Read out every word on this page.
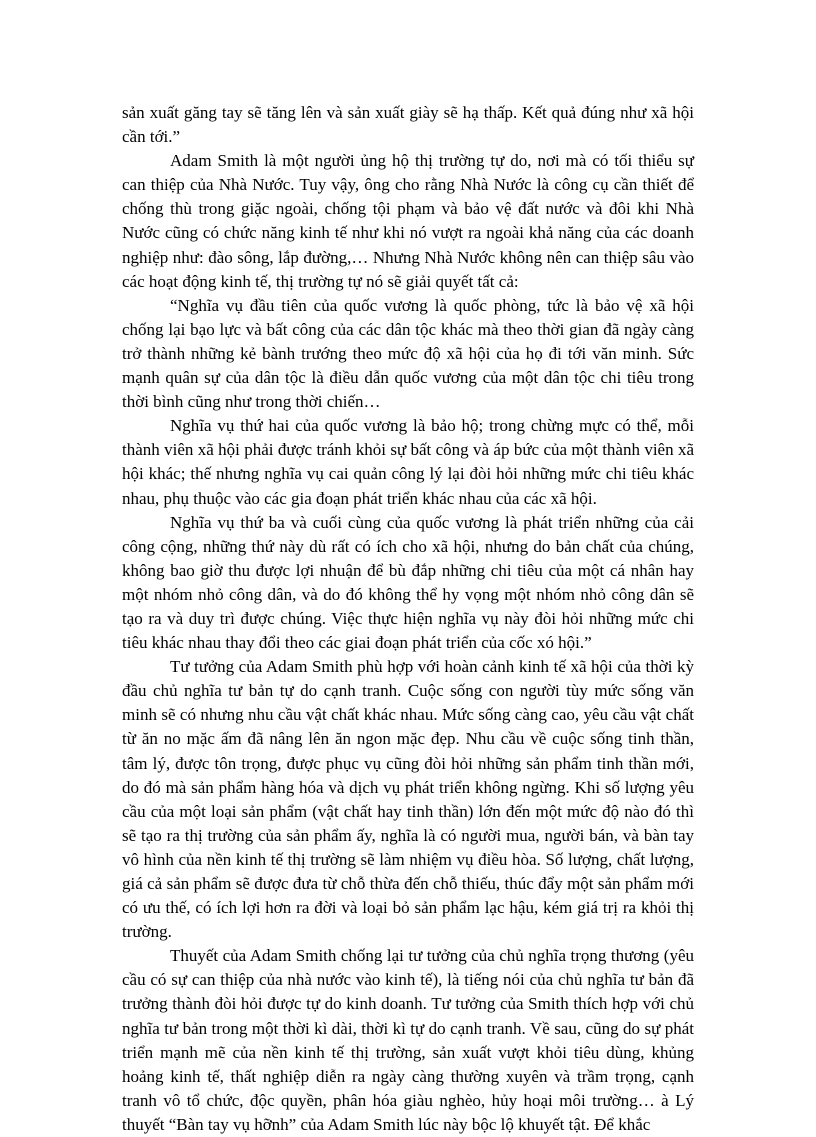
sản xuất găng tay sẽ tăng lên và sản xuất giày sẽ hạ thấp. Kết quả đúng như xã hội cần tới.”

Adam Smith là một người ủng hộ thị trường tự do, nơi mà có tối thiểu sự can thiệp của Nhà Nước. Tuy vậy, ông cho rằng Nhà Nước là công cụ cần thiết để chống thù trong giặc ngoài, chống tội phạm và bảo vệ đất nước và đôi khi Nhà Nước cũng có chức năng kinh tế như khi nó vượt ra ngoài khả năng của các doanh nghiệp như: đào sông, lắp đường,… Nhưng Nhà Nước không nên can thiệp sâu vào các hoạt động kinh tế, thị trường tự nó sẽ giải quyết tất cả:

“Nghĩa vụ đầu tiên của quốc vương là quốc phòng, tức là bảo vệ xã hội chống lại bạo lực và bất công của các dân tộc khác mà theo thời gian đã ngày càng trở thành những kẻ bành trướng theo mức độ xã hội của họ đi tới văn minh. Sức mạnh quân sự của dân tộc là điều dẫn quốc vương của một dân tộc chi tiêu trong thời bình cũng như trong thời chiến…

Nghĩa vụ thứ hai của quốc vương là bảo hộ; trong chừng mực có thể, mỗi thành viên xã hội phải được tránh khỏi sự bất công và áp bức của một thành viên xã hội khác; thế nhưng nghĩa vụ cai quản công lý lại đòi hỏi những mức chi tiêu khác nhau, phụ thuộc vào các gia đoạn phát triển khác nhau của các xã hội.

Nghĩa vụ thứ ba và cuối cùng của quốc vương là phát triển những của cải công cộng, những thứ này dù rất có ích cho xã hội, nhưng do bản chất của chúng, không bao giờ thu được lợi nhuận để bù đắp những chi tiêu của một cá nhân hay một nhóm nhỏ công dân, và do đó không thể hy vọng một nhóm nhỏ công dân sẽ tạo ra và duy trì được chúng. Việc thực hiện nghĩa vụ này đòi hỏi những mức chi tiêu khác nhau thay đổi theo các giai đoạn phát triển của cốc xó hội.”

Tư tưởng của Adam Smith phù hợp với hoàn cảnh kinh tế xã hội của thời kỳ đầu chủ nghĩa tư bản tự do cạnh tranh. Cuộc sống con người tùy mức sống văn minh sẽ có nhưng nhu cầu vật chất khác nhau. Mức sống càng cao, yêu cầu vật chất từ ăn no mặc ấm đã nâng lên ăn ngon mặc đẹp. Nhu cầu về cuộc sống tinh thần, tâm lý, được tôn trọng, được phục vụ cũng đòi hỏi những sản phẩm tinh thần mới, do đó mà sản phẩm hàng hóa và dịch vụ phát triển không ngừng. Khi số lượng yêu cầu của một loại sản phẩm (vật chất hay tinh thần) lớn đến một mức độ nào đó thì sẽ tạo ra thị trường của sản phẩm ấy, nghĩa là có người mua, người bán, và bàn tay vô hình của nền kinh tế thị trường sẽ làm nhiệm vụ điều hòa. Số lượng, chất lượng, giá cả sản phẩm sẽ được đưa từ chỗ thừa đến chỗ thiếu, thúc đẩy một sản phẩm mới có ưu thế, có ích lợi hơn ra đời và loại bỏ sản phẩm lạc hậu, kém giá trị ra khỏi thị trường.

Thuyết của Adam Smith chống lại tư tưởng của chủ nghĩa trọng thương (yêu cầu có sự can thiệp của nhà nước vào kinh tế), là tiếng nói của chủ nghĩa tư bản đã trưởng thành đòi hỏi được tự do kinh doanh. Tư tưởng của Smith thích hợp với chủ nghĩa tư bản trong một thời kì dài, thời kì tự do cạnh tranh. Về sau, cũng do sự phát triển mạnh mẽ của nền kinh tế thị trường, sản xuất vượt khỏi tiêu dùng, khủng hoảng kinh tế, thất nghiệp diễn ra ngày càng thường xuyên và trầm trọng, cạnh tranh vô tổ chức, độc quyền, phân hóa giàu nghèo, hủy hoại môi trường… à Lý thuyết “Bàn tay vụ hỡnh” của Adam Smith lúc này bộc lộ khuyết tật. Để khắc
